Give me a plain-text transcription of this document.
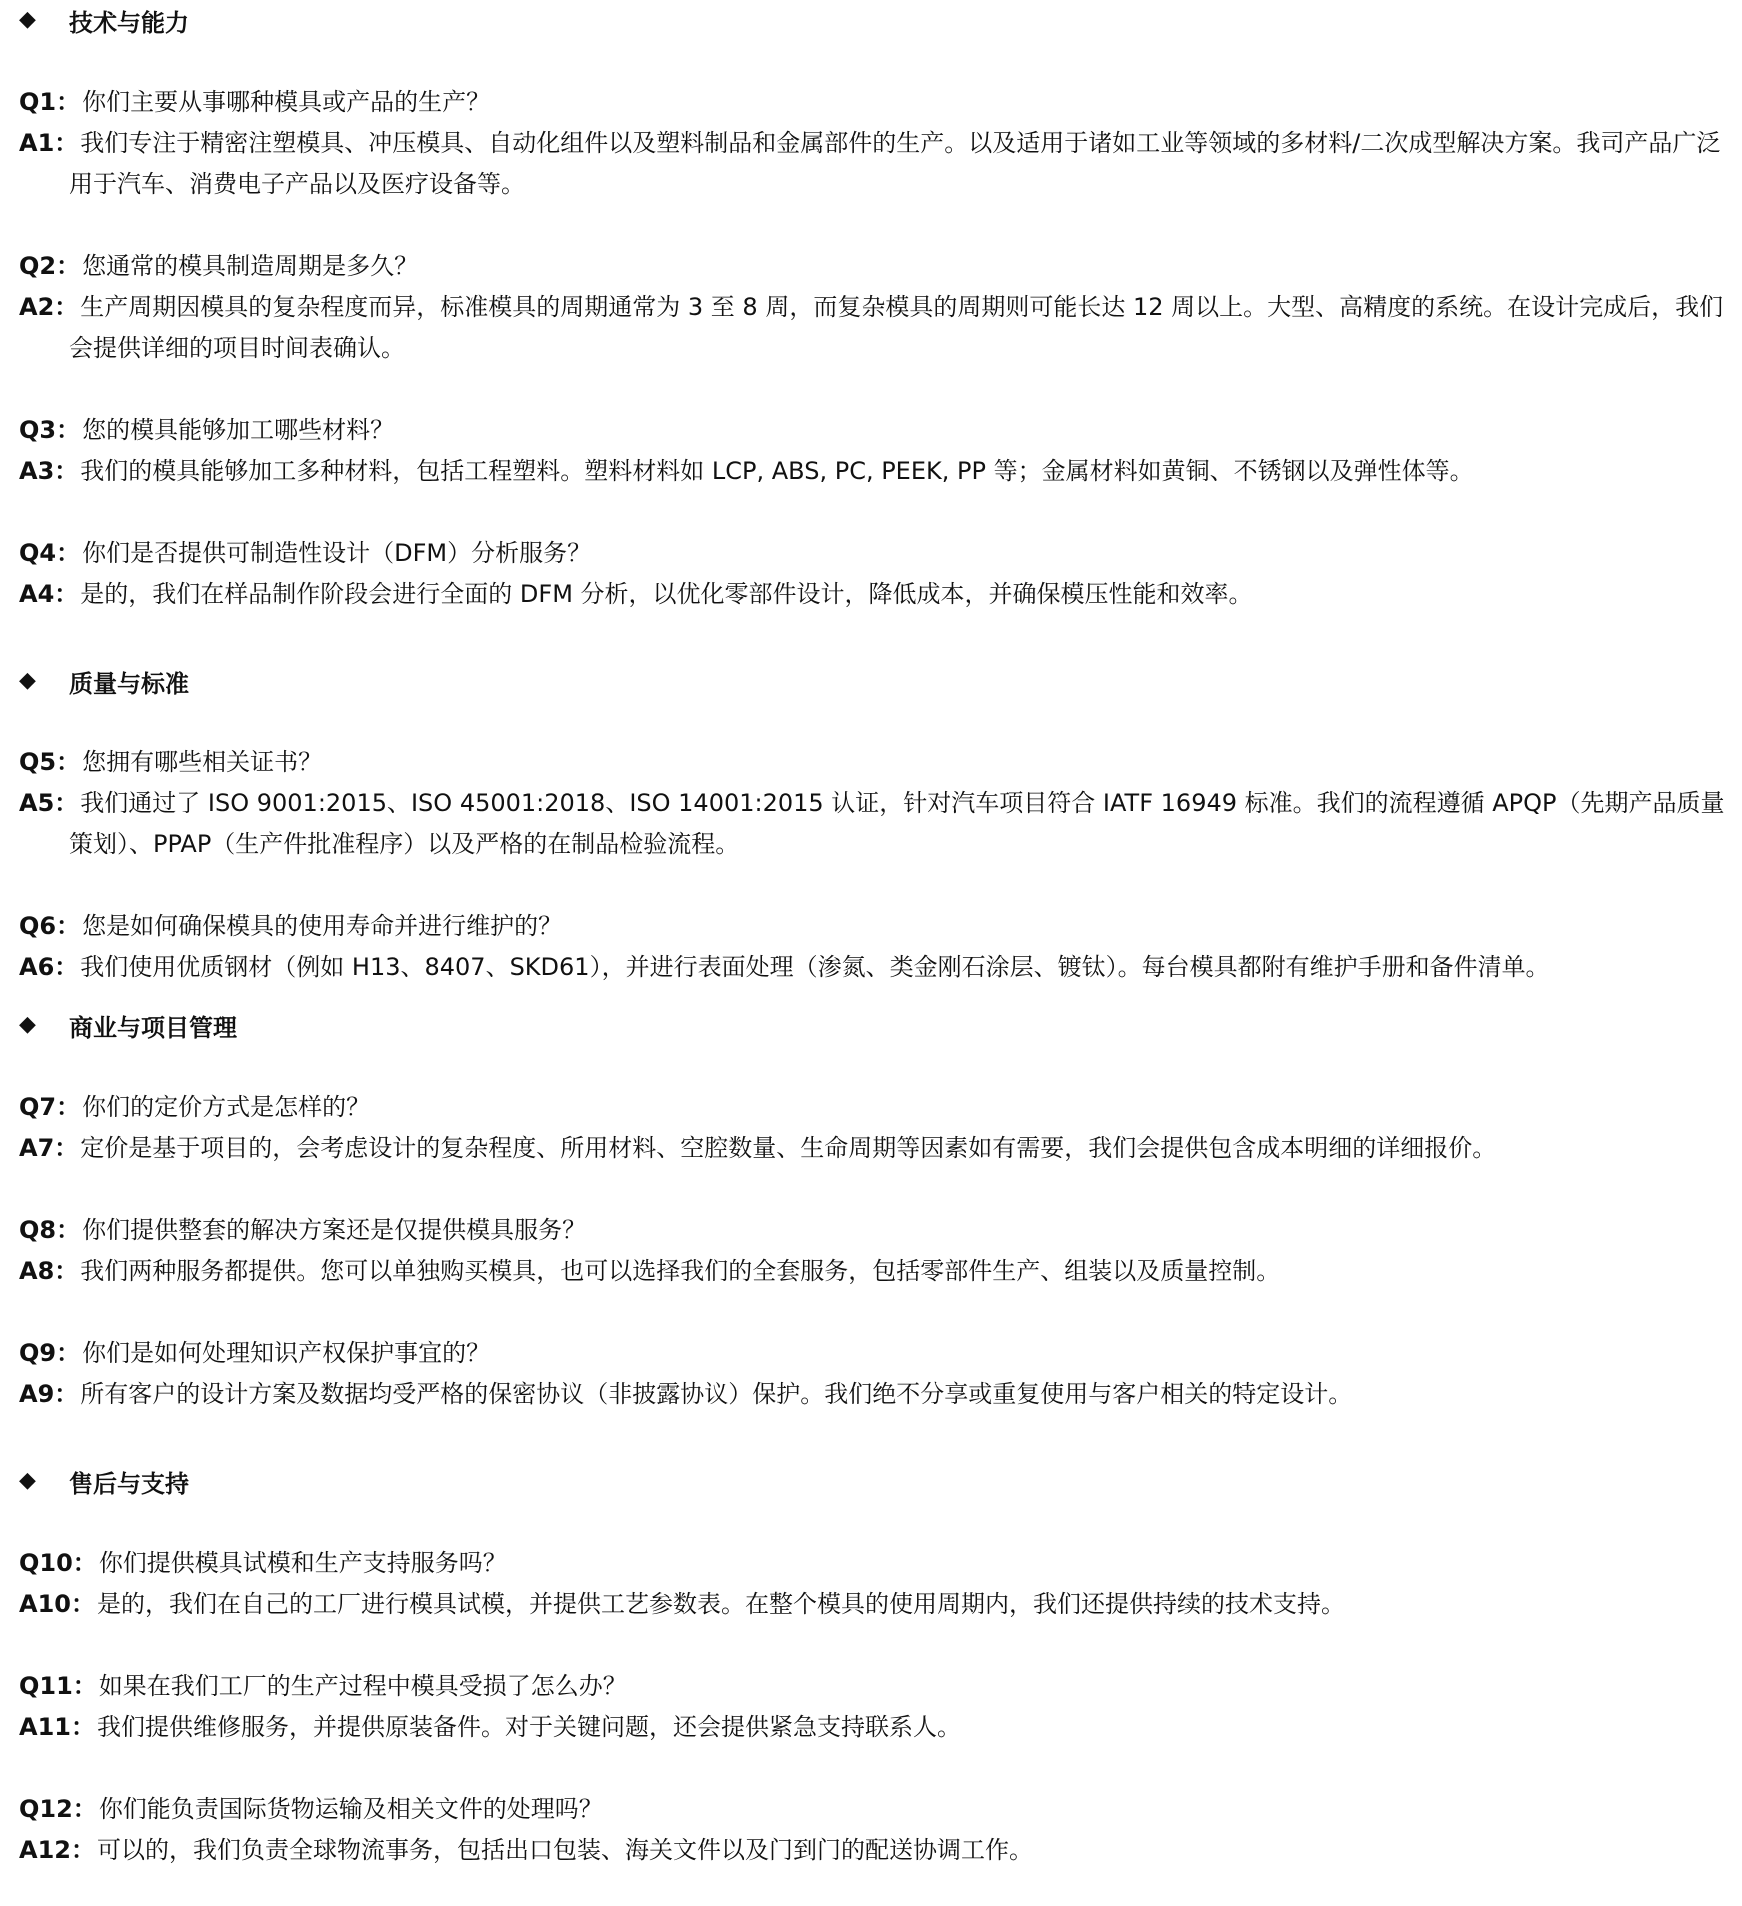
◆	技术与能力
Q1：你们主要从事哪种模具或产品的生产？
A1：我们专注于精密注塑模具、冲压模具、自动化组件以及塑料制品和金属部件的生产。以及适用于诸如工业等领域的多材料/二次成型解决方案。我司产品广泛用于汽车、消费电子产品以及医疗设备等。
Q2：您通常的模具制造周期是多久？
A2：生产周期因模具的复杂程度而异，标准模具的周期通常为 3 至 8 周，而复杂模具的周期则可能长达 12 周以上。大型、高精度的系统。在设计完成后，我们会提供详细的项目时间表确认。
Q3：您的模具能够加工哪些材料？
A3：我们的模具能够加工多种材料，包括工程塑料。塑料材料如 LCP, ABS, PC, PEEK, PP 等；金属材料如黄铜、不锈钢以及弹性体等。
Q4：你们是否提供可制造性设计（DFM）分析服务？
A4：是的，我们在样品制作阶段会进行全面的 DFM 分析，以优化零部件设计，降低成本，并确保模压性能和效率。
◆	质量与标准
Q5：您拥有哪些相关证书？
A5：我们通过了 ISO 9001:2015、ISO 45001:2018、ISO 14001:2015 认证，针对汽车项目符合 IATF 16949 标准。我们的流程遵循 APQP（先期产品质量策划）、PPAP（生产件批准程序）以及严格的在制品检验流程。
Q6：您是如何确保模具的使用寿命并进行维护的？
A6：我们使用优质钢材（例如 H13、8407、SKD61），并进行表面处理（渗氮、类金刚石涂层、镀钛）。每台模具都附有维护手册和备件清单。
◆	商业与项目管理
Q7：你们的定价方式是怎样的？
A7：定价是基于项目的，会考虑设计的复杂程度、所用材料、空腔数量、生命周期等因素如有需要，我们会提供包含成本明细的详细报价。
Q8：你们提供整套的解决方案还是仅提供模具服务？
A8：我们两种服务都提供。您可以单独购买模具，也可以选择我们的全套服务，包括零部件生产、组装以及质量控制。
Q9：你们是如何处理知识产权保护事宜的？
A9：所有客户的设计方案及数据均受严格的保密协议（非披露协议）保护。我们绝不分享或重复使用与客户相关的特定设计。
◆	售后与支持
Q10：你们提供模具试模和生产支持服务吗？
A10：是的，我们在自己的工厂进行模具试模，并提供工艺参数表。在整个模具的使用周期内，我们还提供持续的技术支持。
Q11：如果在我们工厂的生产过程中模具受损了怎么办？
A11：我们提供维修服务，并提供原装备件。对于关键问题，还会提供紧急支持联系人。
Q12：你们能负责国际货物运输及相关文件的处理吗？
A12：可以的，我们负责全球物流事务，包括出口包装、海关文件以及门到门的配送协调工作。
